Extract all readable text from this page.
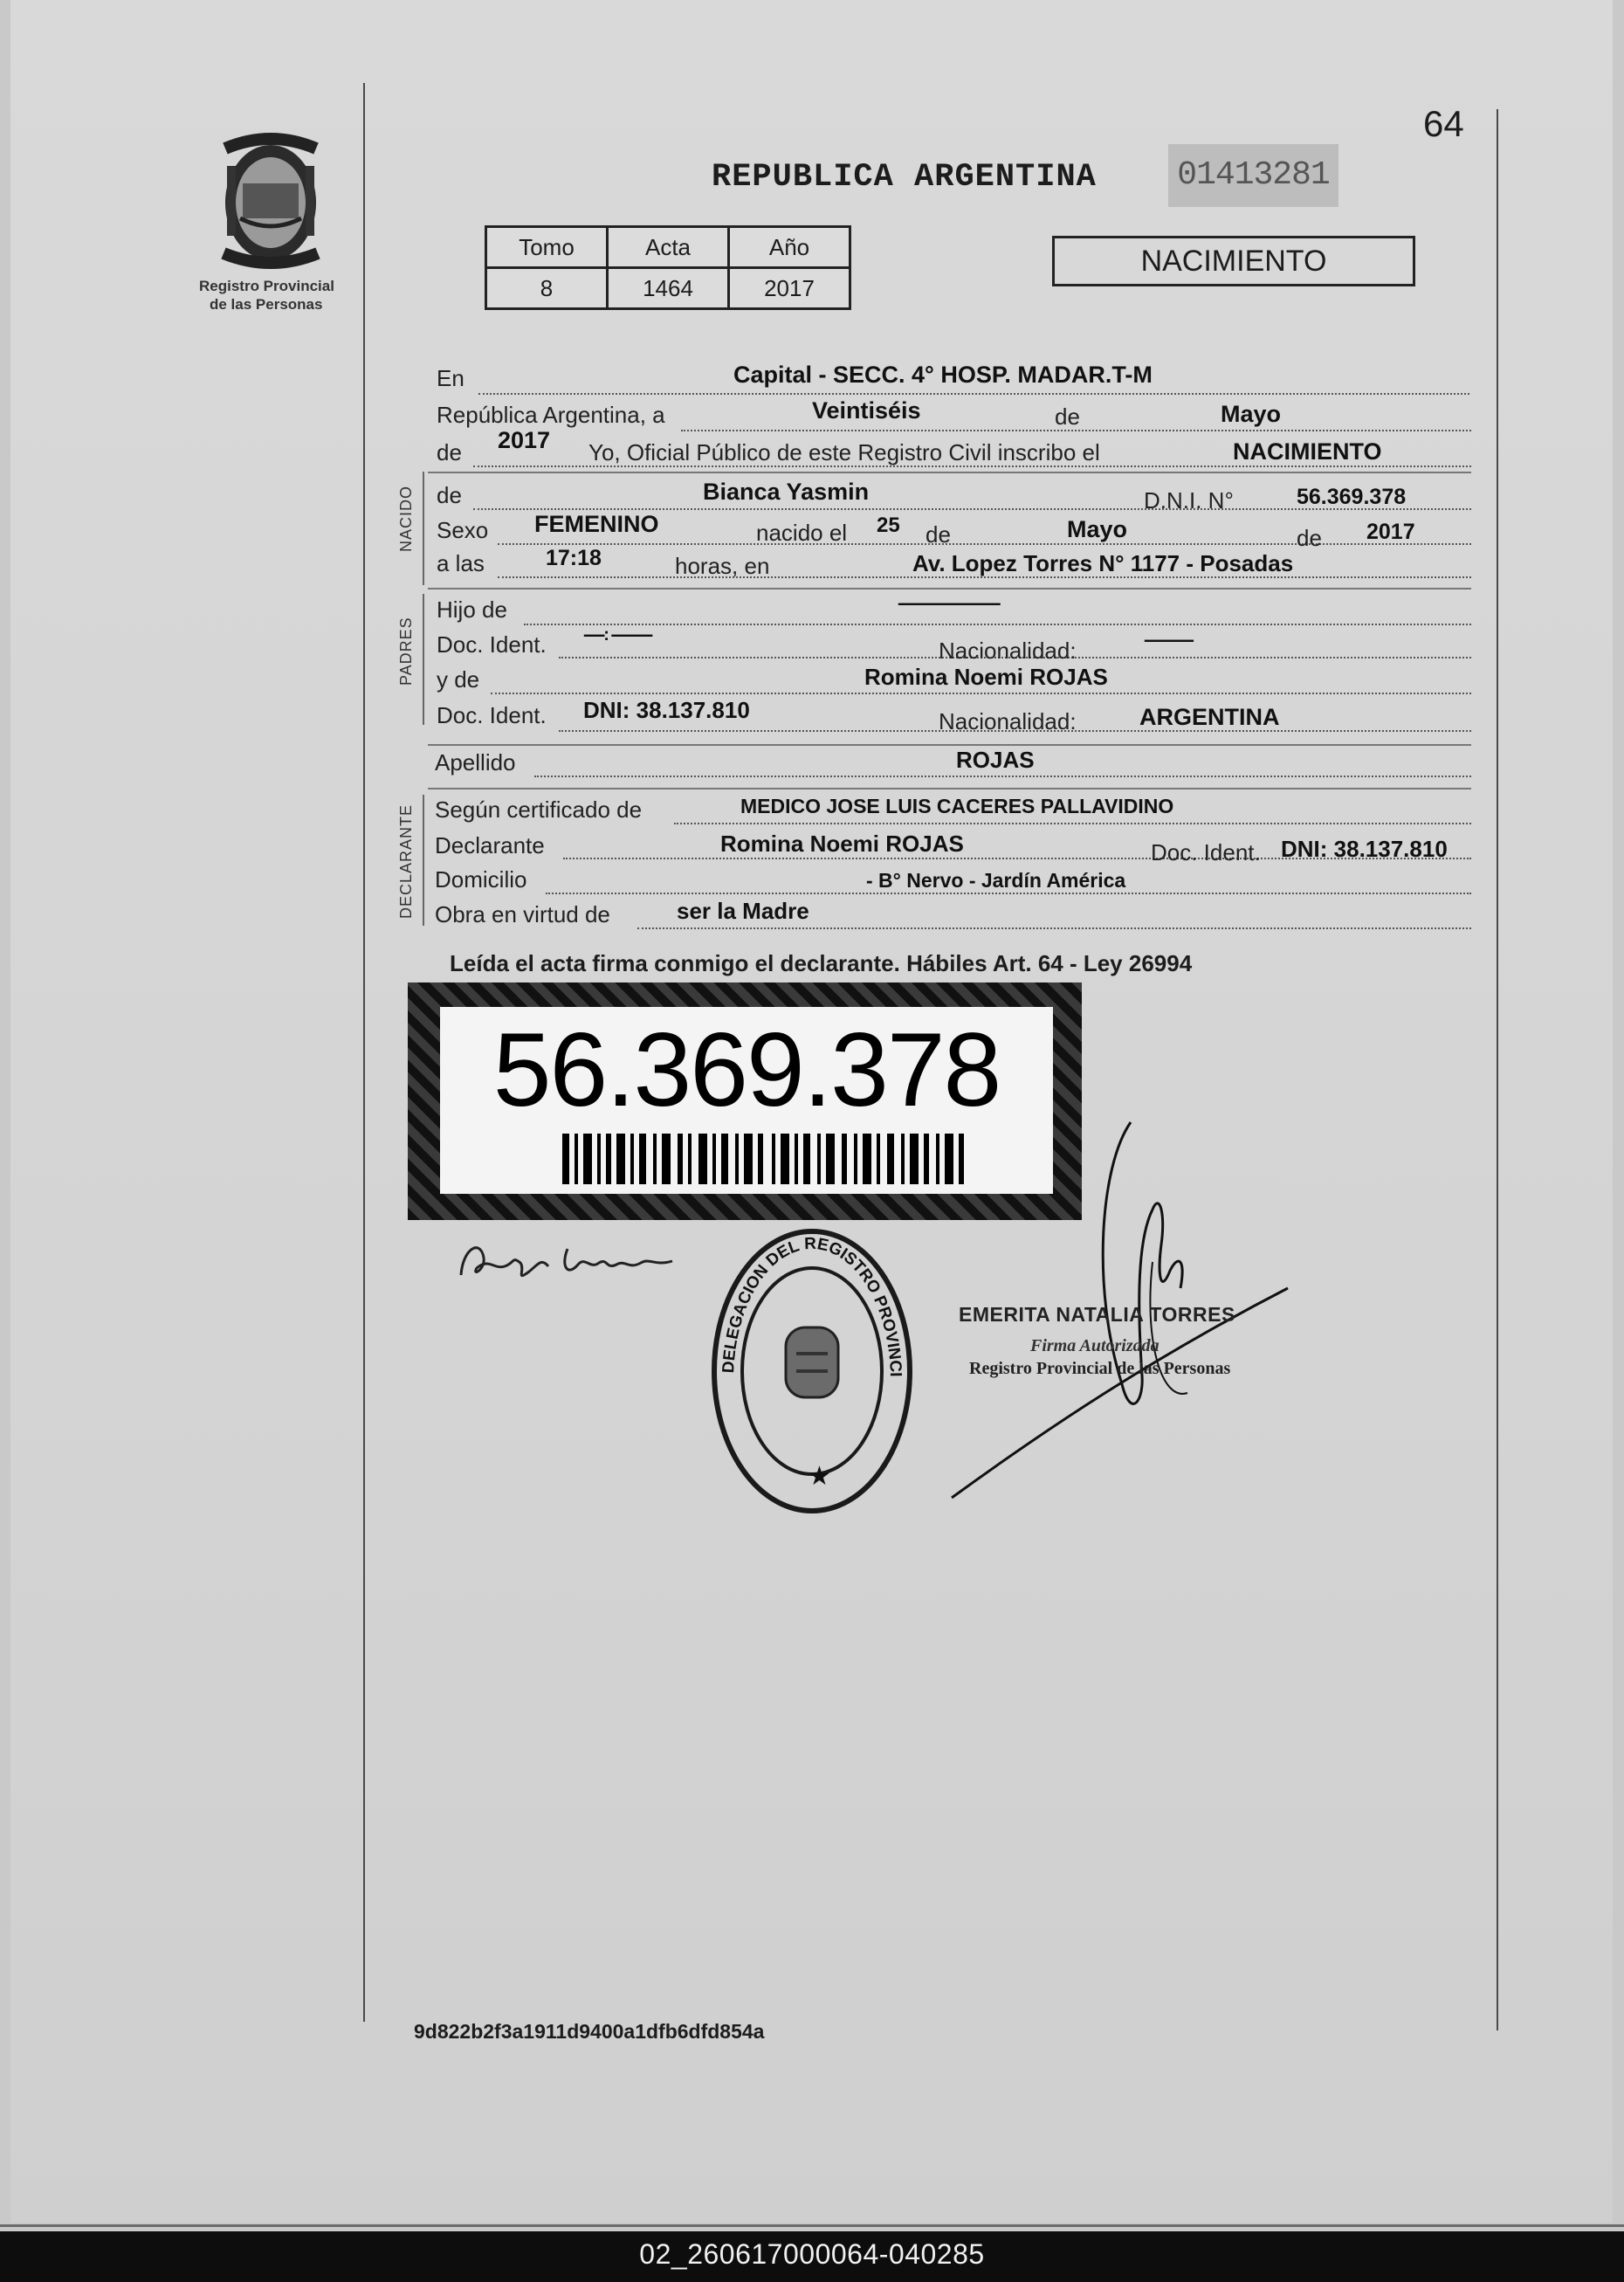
64
Registro Provincial
de las Personas
REPUBLICA ARGENTINA 01413281
Tomo	Acta	Año
8	1464	2017
NACIMIENTO
NACIDO
PADRES
DECLARANTE
En	Capital - SECC. 4° HOSP. MADAR.T-M
República Argentina, a	Veintiséis	de	Mayo
de 2017 Yo, Oficial Público de este Registro Civil inscribo el	NACIMIENTO
de	Bianca Yasmin	D.N.I. N°	56.369.378
Sexo FEMENINO	nacido el 25 de	Mayo	de 2017
a las	17:18	horas, en	Av. Lopez Torres N° 1177 - Posadas
Hijo de	-------------------------
Doc. Ident. -----: ----------
Nacionalidad:	------------
y de	Romina Noemi ROJAS
Doc. Ident. DNI: 38.137.810	Nacionalidad:	ARGENTINA
Apellido	ROJAS
Según certificado de	MEDICO JOSE LUIS CACERES PALLAVIDINO
Declarante	Romina Noemi ROJAS	Doc. Ident. DNI: 38.137.810
Domicilio	- B° Nervo - Jardín América
Obra en virtud de	ser la Madre
Leída el acta firma conmigo el declarante. Hábiles Art. 64 - Ley 26994
56.369.378
DELEGACION DEL REGISTRO PROVINCI
★
EMERITA NATALIA TORRES
Firma Autorizada
Registro Provincial de las Personas
9d822b2f3a1911d9400a1dfb6dfd854a
02_260617000064-040285
